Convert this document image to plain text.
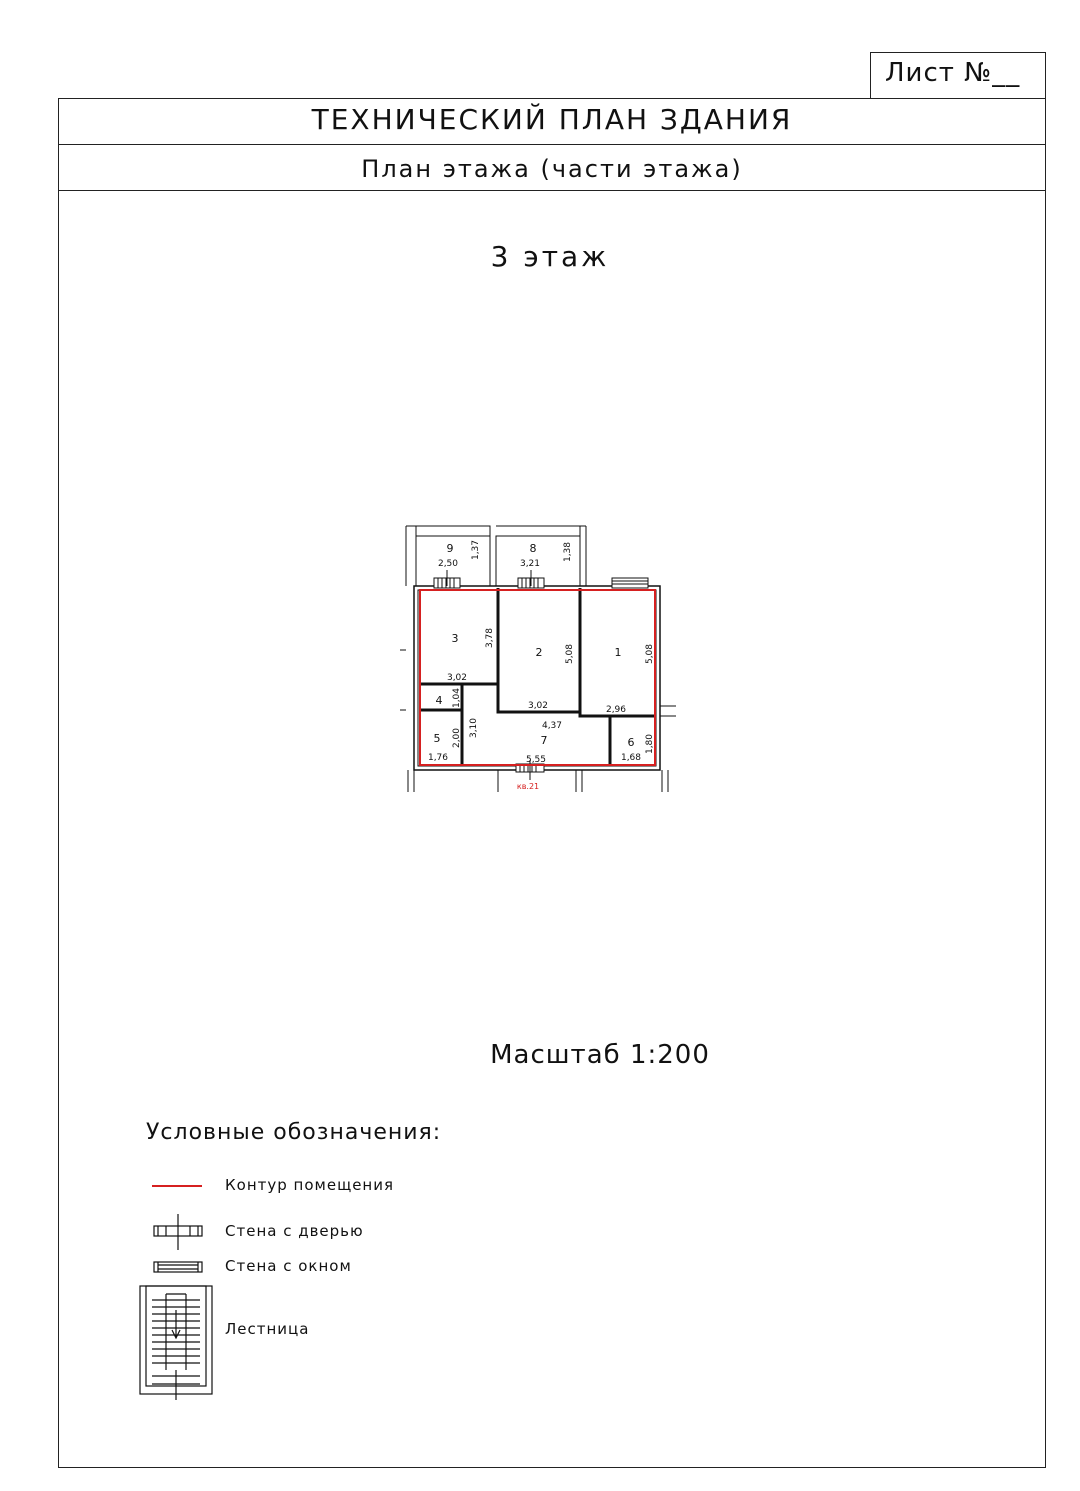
Лист №__
ТЕХНИЧЕСКИЙ ПЛАН ЗДАНИЯ
План этажа (части этажа)
3 этаж
9
2,50
1,37	8
3,21
1,38
3	3,78
3,02
2	5,08
3,02
1	5,08
2,96
4 1,04
5 2,00
1,76
7
4,37
3,10
5,55
6 1,80
1,68
кв.21
Масштаб 1:200
Условные обозначения:
Контур помещения
Стена с дверью
Стена с окном
Лестница
